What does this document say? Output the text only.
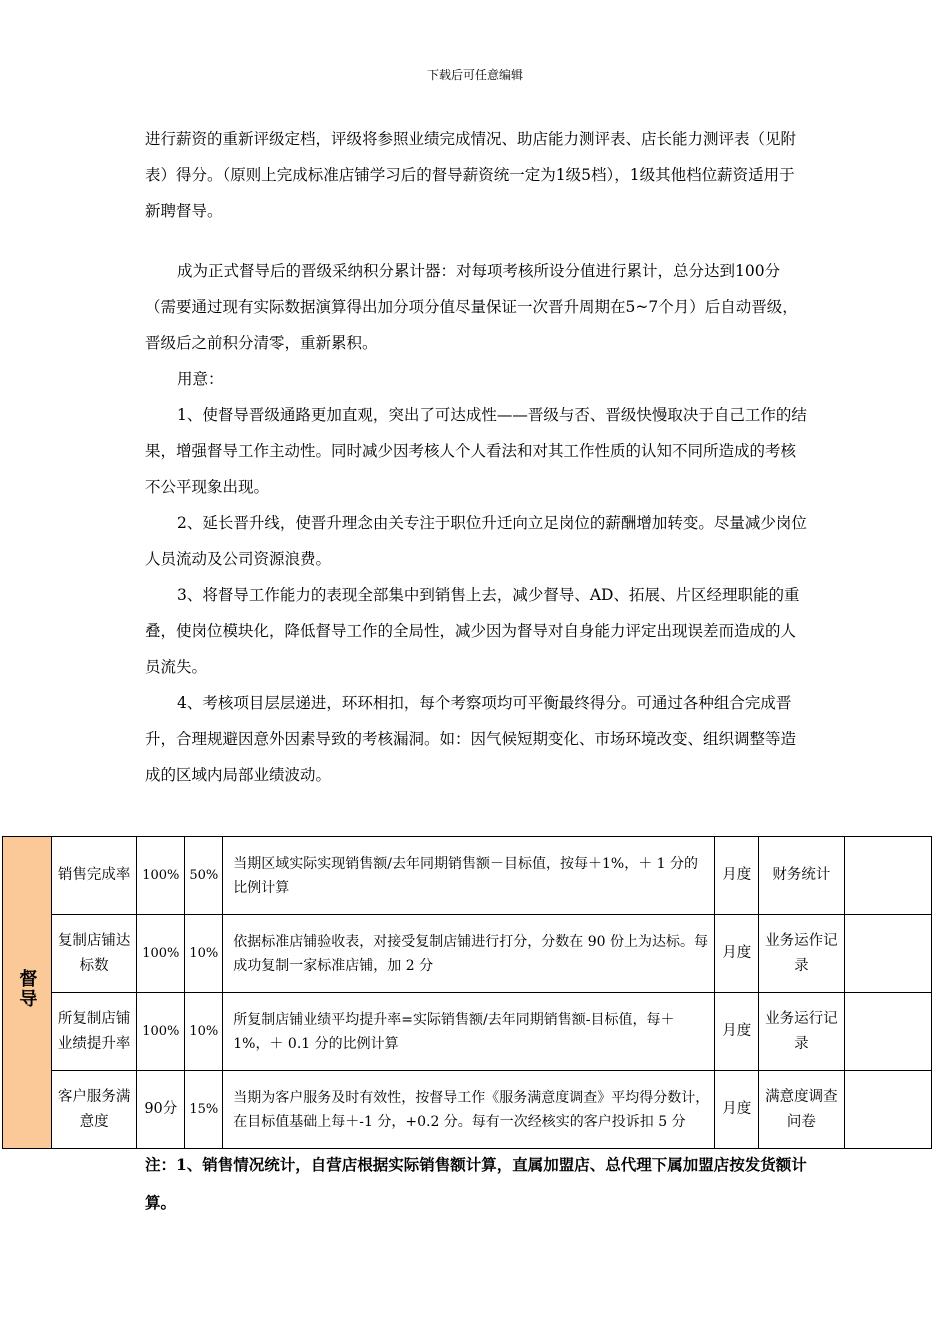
下载后可任意编辑

进行薪资的重新评级定档，评级将参照业绩完成情况、助店能力测评表、店长能力测评表（见附表）得分。（原则上完成标准店铺学习后的督导薪资统一定为1级5档），1级其他档位薪资适用于新聘督导。

成为正式督导后的晋级采纳积分累计器：对每项考核所设分值进行累计，总分达到100分（需要通过现有实际数据演算得出加分项分值尽量保证一次晋升周期在5~7个月）后自动晋级，晋级后之前积分清零，重新累积。

用意：

1、使督导晋级通路更加直观，突出了可达成性——晋级与否、晋级快慢取决于自己工作的结果，增强督导工作主动性。同时减少因考核人个人看法和对其工作性质的认知不同所造成的考核不公平现象出现。

2、延长晋升线，使晋升理念由关专注于职位升迁向立足岗位的薪酬增加转变。尽量减少岗位人员流动及公司资源浪费。

3、将督导工作能力的表现全部集中到销售上去，减少督导、AD、拓展、片区经理职能的重叠，使岗位模块化，降低督导工作的全局性，减少因为督导对自身能力评定出现误差而造成的人员流失。

4、考核项目层层递进，环环相扣，每个考察项均可平衡最终得分。可通过各种组合完成晋升，合理规避因意外因素导致的考核漏洞。如：因气候短期变化、市场环境改变、组织调整等造成的区域内局部业绩波动。

督导	销售完成率	100%	50%	当期区域实际实现销售额/去年同期销售额－目标值，按每＋1%，＋ 1 分的比例计算	月度	财务统计	
	复制店铺达标数	100%	10%	依据标准店铺验收表，对接受复制店铺进行打分，分数在 90 份上为达标。每成功复制一家标准店铺，加 2 分	月度	业务运作记录	
	所复制店铺业绩提升率	100%	10%	所复制店铺业绩平均提升率=实际销售额/去年同期销售额-目标值，每＋1%，＋ 0.1 分的比例计算	月度	业务运行记录	
	客户服务满意度	90分	15%	当期为客户服务及时有效性，按督导工作《服务满意度调查》平均得分数计，在目标值基础上每＋-1 分，+0.2 分。每有一次经核实的客户投诉扣 5 分	月度	满意度调查问卷	
注：1、销售情况统计，自营店根据实际销售额计算，直属加盟店、总代理下属加盟店按发货额计算。
